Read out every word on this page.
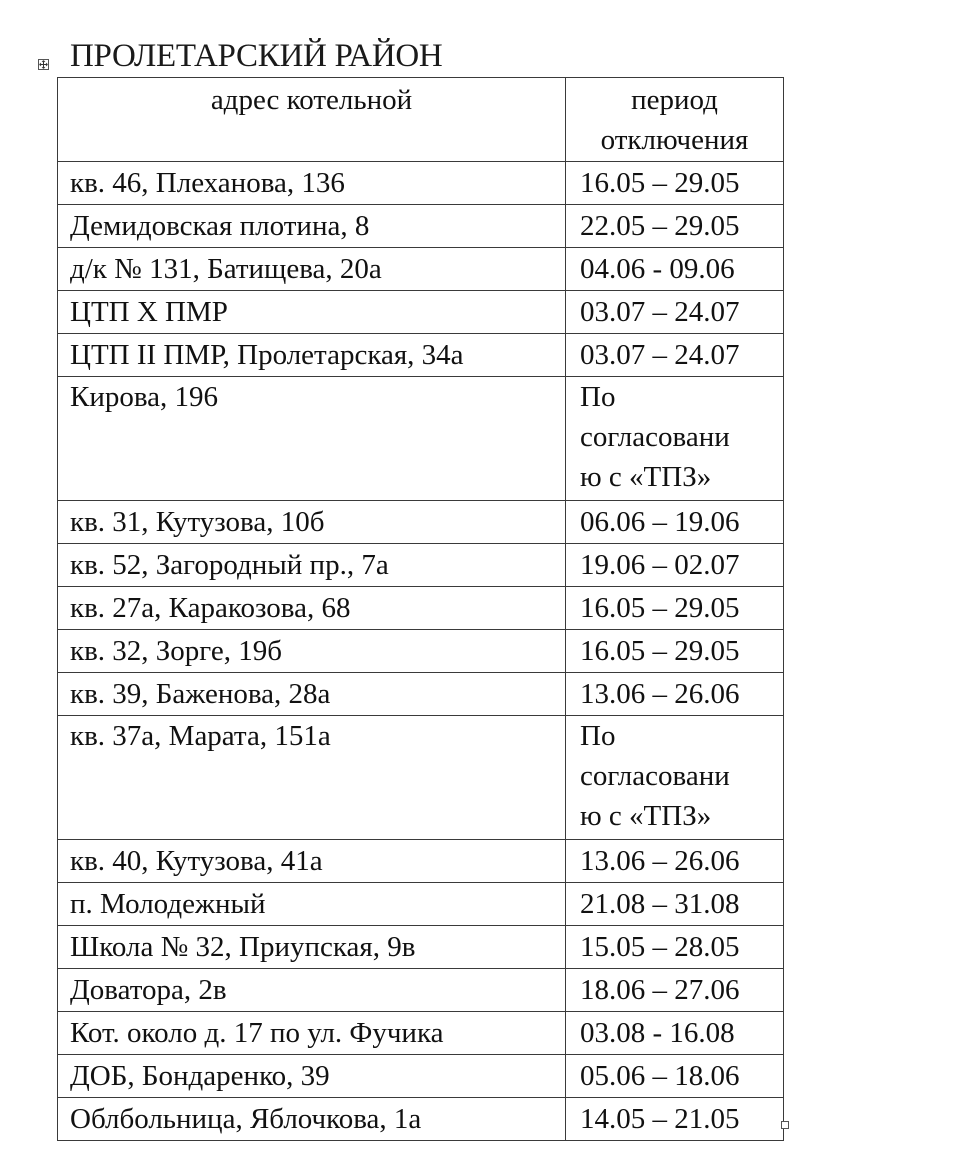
ПРОЛЕТАРСКИЙ РАЙОН
адрес котельной	период
отключения

кв. 46, Плеханова, 136	16.05 – 29.05
Демидовская плотина, 8	22.05 – 29.05
д/к № 131, Батищева, 20а	04.06 - 09.06
ЦТП Х ПМР	03.07 – 24.07
ЦТП II ПМР, Пролетарская, 34а	03.07 – 24.07
Кирова, 196	По
согласовани
ю с «ТПЗ»

кв. 31, Кутузова, 10б	06.06 – 19.06
кв. 52, Загородный пр., 7а	19.06 – 02.07
кв. 27а, Каракозова, 68	16.05 – 29.05
кв. 32, Зорге, 19б	16.05 – 29.05
кв. 39, Баженова, 28а	13.06 – 26.06
кв. 37а, Марата, 151а	По
согласовани
ю с «ТПЗ»

кв. 40, Кутузова, 41а	13.06 – 26.06
п. Молодежный	21.08 – 31.08
Школа № 32, Приупская, 9в	15.05 – 28.05
Доватора, 2в	18.06 – 27.06
Кот. около д. 17 по ул. Фучика	03.08 - 16.08
ДОБ, Бондаренко, 39	05.06 – 18.06
Облбольница, Яблочкова, 1а	14.05 – 21.05
